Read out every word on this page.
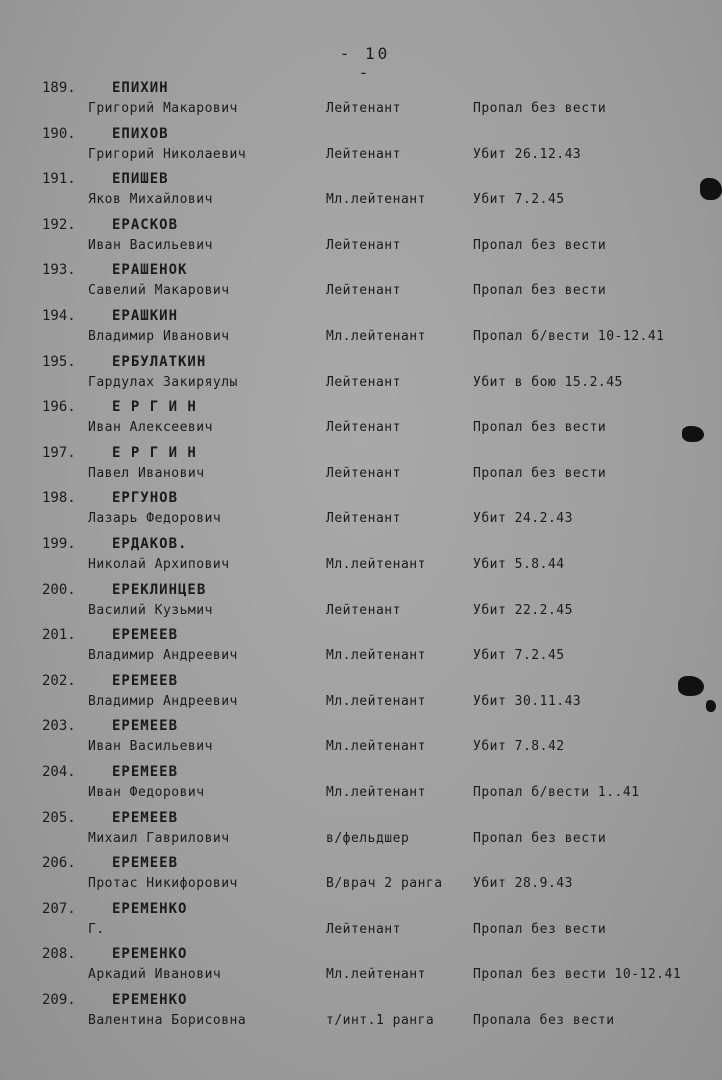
- 10 -
189.	ЕПИХИН
Григорий Макарович	Лейтенант	Пропал без вести
190.	ЕПИХОВ
Григорий Николаевич	Лейтенант	Убит 26.12.43
191.	ЕПИШЕВ
Яков Михайлович	Мл.лейтенант	Убит 7.2.45
192.	ЕРАСКОВ
Иван Васильевич	Лейтенант	Пропал без вести
193.	ЕРАШЕНОК
Савелий Макарович	Лейтенант	Пропал без вести
194.	ЕРАШКИН
Владимир Иванович	Мл.лейтенант	Пропал б/вести 10-12.41
195.	ЕРБУЛАТКИН
Гардулах Закиряулы	Лейтенант	Убит в бою 15.2.45
196.	Е Р Г И Н
Иван Алексеевич	Лейтенант	Пропал без вести
197.	Е Р Г И Н
Павел Иванович	Лейтенант	Пропал без вести
198.	ЕРГУНОВ
Лазарь Федорович	Лейтенант	Убит 24.2.43
199.	ЕРДАКОВ.
Николай Архипович	Мл.лейтенант	Убит 5.8.44
200.	ЕРЕКЛИНЦЕВ
Василий Кузьмич	Лейтенант	Убит 22.2.45
201.	ЕРЕМЕЕВ
Владимир Андреевич	Мл.лейтенант	Убит 7.2.45
202.	ЕРЕМЕЕВ
Владимир Андреевич	Мл.лейтенант	Убит 30.11.43
203.	ЕРЕМЕЕВ
Иван Васильевич	Мл.лейтенант	Убит 7.8.42
204.	ЕРЕМЕЕВ
Иван Федорович	Мл.лейтенант	Пропал б/вести 1..41
205.	ЕРЕМЕЕВ
Михаил Гаврилович	в/фельдшер	Пропал без вести
206.	ЕРЕМЕЕВ
Протас Никифорович	В/врач 2 ранга Убит 28.9.43
207.	ЕРЕМЕНКО
Г.	Лейтенант	Пропал без вести
208.	ЕРЕМЕНКО
Аркадий Иванович	Мл.лейтенант	Пропал без вести 10-12.41
209.	ЕРЕМЕНКО
Валентина Борисовна	т/инт.1 ранга	Пропала без вести
